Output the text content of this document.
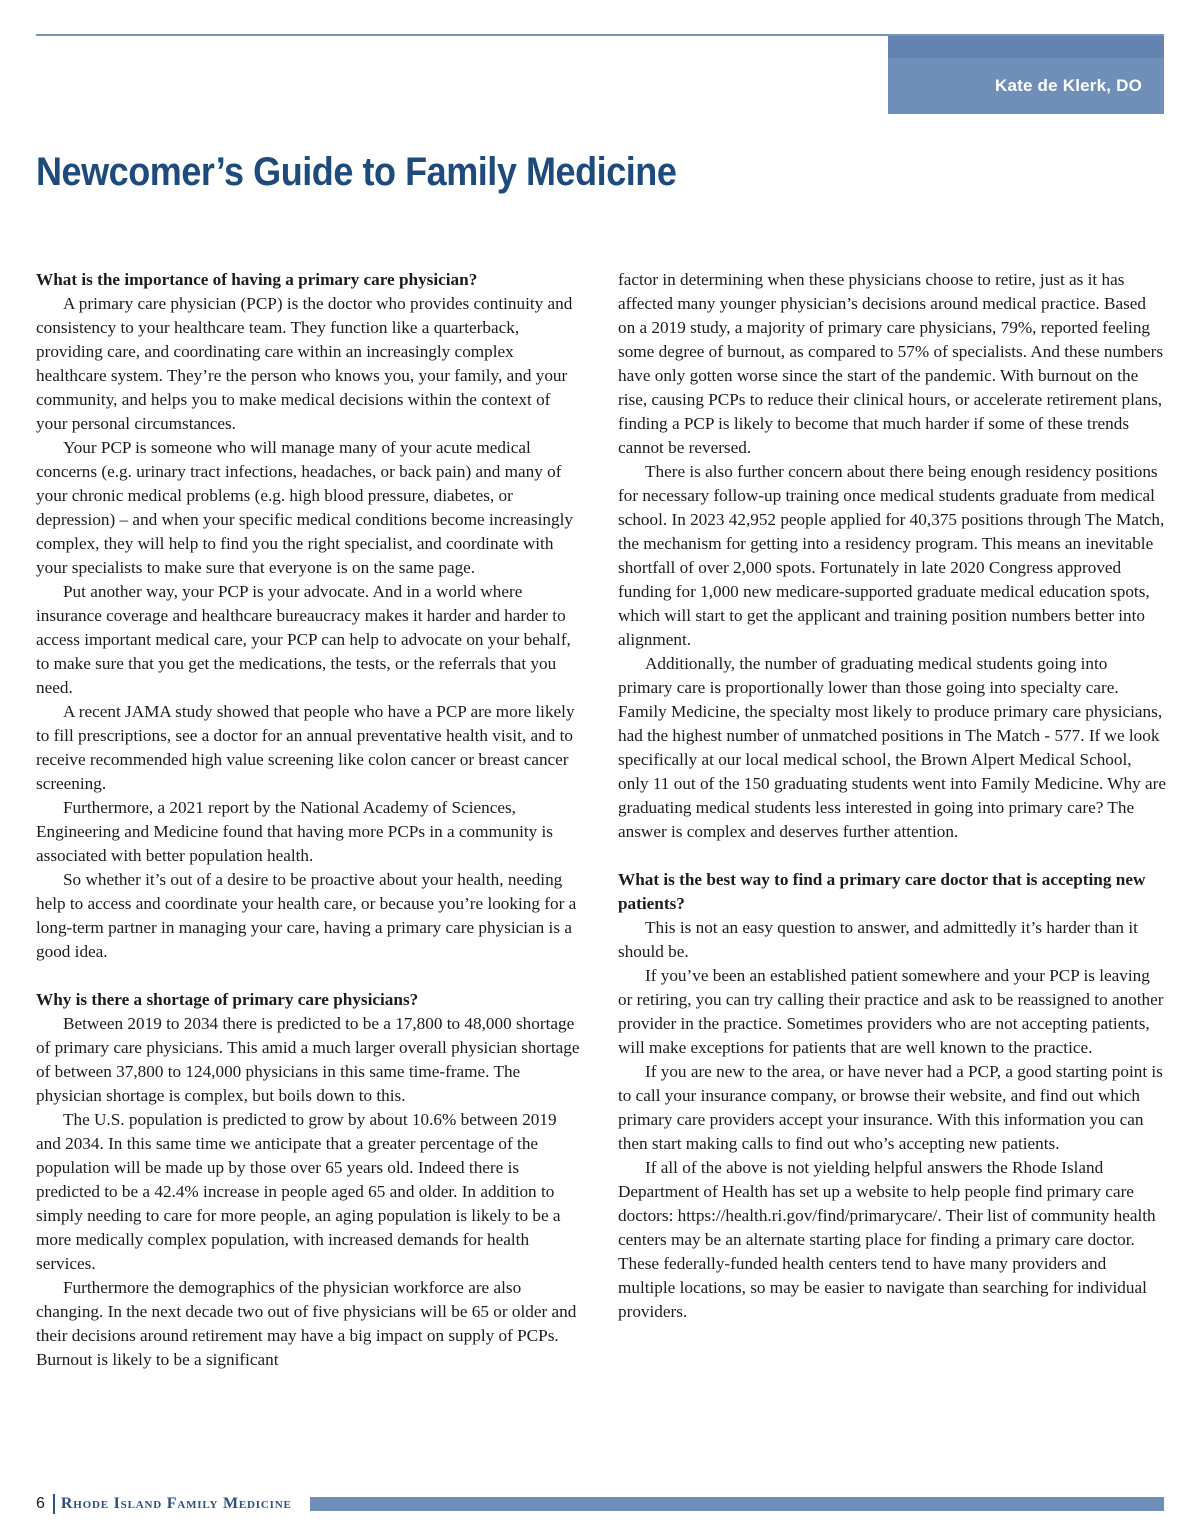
Kate de Klerk, DO
Newcomer’s Guide to Family Medicine
What is the importance of having a primary care physician?

A primary care physician (PCP) is the doctor who provides continuity and consistency to your healthcare team. They function like a quarterback, providing care, and coordinating care within an increasingly complex healthcare system. They’re the person who knows you, your family, and your community, and helps you to make medical decisions within the context of your personal circumstances.

Your PCP is someone who will manage many of your acute medical concerns (e.g. urinary tract infections, headaches, or back pain) and many of your chronic medical problems (e.g. high blood pressure, diabetes, or depression) – and when your specific medical conditions become increasingly complex, they will help to find you the right specialist, and coordinate with your specialists to make sure that everyone is on the same page.

Put another way, your PCP is your advocate. And in a world where insurance coverage and healthcare bureaucracy makes it harder and harder to access important medical care, your PCP can help to advocate on your behalf, to make sure that you get the medications, the tests, or the referrals that you need.

A recent JAMA study showed that people who have a PCP are more likely to fill prescriptions, see a doctor for an annual preventative health visit, and to receive recommended high value screening like colon cancer or breast cancer screening.

Furthermore, a 2021 report by the National Academy of Sciences, Engineering and Medicine found that having more PCPs in a community is associated with better population health.

So whether it’s out of a desire to be proactive about your health, needing help to access and coordinate your health care, or because you’re looking for a long-term partner in managing your care, having a primary care physician is a good idea.

Why is there a shortage of primary care physicians?

Between 2019 to 2034 there is predicted to be a 17,800 to 48,000 shortage of primary care physicians. This amid a much larger overall physician shortage of between 37,800 to 124,000 physicians in this same time-frame. The physician shortage is complex, but boils down to this.

The U.S. population is predicted to grow by about 10.6% between 2019 and 2034. In this same time we anticipate that a greater percentage of the population will be made up by those over 65 years old. Indeed there is predicted to be a 42.4% increase in people aged 65 and older. In addition to simply needing to care for more people, an aging population is likely to be a more medically complex population, with increased demands for health services.

Furthermore the demographics of the physician workforce are also changing. In the next decade two out of five physicians will be 65 or older and their decisions around retirement may have a big impact on supply of PCPs. Burnout is likely to be a significant

factor in determining when these physicians choose to retire, just as it has affected many younger physician’s decisions around medical practice. Based on a 2019 study, a majority of primary care physicians, 79%, reported feeling some degree of burnout, as compared to 57% of specialists. And these numbers have only gotten worse since the start of the pandemic. With burnout on the rise, causing PCPs to reduce their clinical hours, or accelerate retirement plans, finding a PCP is likely to become that much harder if some of these trends cannot be reversed.

There is also further concern about there being enough residency positions for necessary follow-up training once medical students graduate from medical school. In 2023 42,952 people applied for 40,375 positions through The Match, the mechanism for getting into a residency program. This means an inevitable shortfall of over 2,000 spots. Fortunately in late 2020 Congress approved funding for 1,000 new medicare-supported graduate medical education spots, which will start to get the applicant and training position numbers better into alignment.

Additionally, the number of graduating medical students going into primary care is proportionally lower than those going into specialty care. Family Medicine, the specialty most likely to produce primary care physicians, had the highest number of unmatched positions in The Match - 577. If we look specifically at our local medical school, the Brown Alpert Medical School, only 11 out of the 150 graduating students went into Family Medicine. Why are graduating medical students less interested in going into primary care? The answer is complex and deserves further attention.

What is the best way to find a primary care doctor that is accepting new patients?

This is not an easy question to answer, and admittedly it’s harder than it should be.

If you’ve been an established patient somewhere and your PCP is leaving or retiring, you can try calling their practice and ask to be reassigned to another provider in the practice. Sometimes providers who are not accepting patients, will make exceptions for patients that are well known to the practice.

If you are new to the area, or have never had a PCP, a good starting point is to call your insurance company, or browse their website, and find out which primary care providers accept your insurance. With this information you can then start making calls to find out who’s accepting new patients.

If all of the above is not yielding helpful answers the Rhode Island Department of Health has set up a website to help people find primary care doctors: https://health.ri.gov/find/primarycare/. Their list of community health centers may be an alternate starting place for finding a primary care doctor. These federally-funded health centers tend to have many providers and multiple locations, so may be easier to navigate than searching for individual providers.

6 Rhode Island Family Medicine
